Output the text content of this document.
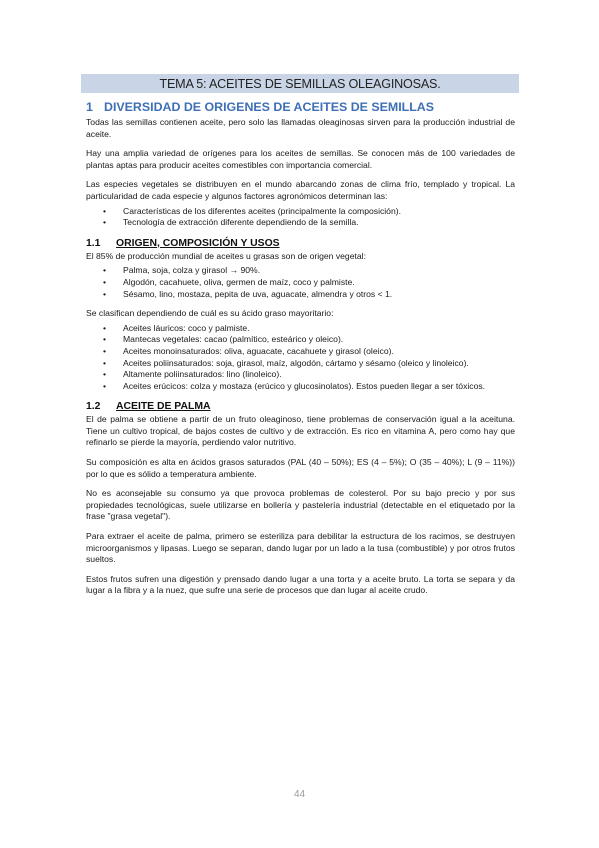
TEMA 5: ACEITES DE SEMILLAS OLEAGINOSAS.
1 DIVERSIDAD DE ORIGENES DE ACEITES DE SEMILLAS

Todas las semillas contienen aceite, pero solo las llamadas oleaginosas sirven para la producción industrial de aceite.

Hay una amplia variedad de orígenes para los aceites de semillas. Se conocen más de 100 variedades de plantas aptas para producir aceites comestibles con importancia comercial.

Las especies vegetales se distribuyen en el mundo abarcando zonas de clima frío, templado y tropical. La particularidad de cada especie y algunos factores agronómicos determinan las:

• Características de los diferentes aceites (principalmente la composición).
• Tecnología de extracción diferente dependiendo de la semilla.
1.1	ORIGEN, COMPOSICIÓN Y USOS

El 85% de producción mundial de aceites u grasas son de origen vegetal:

• Palma, soja, colza y girasol → 90%.
• Algodón, cacahuete, oliva, germen de maíz, coco y palmiste.
• Sésamo, lino, mostaza, pepita de uva, aguacate, almendra y otros < 1.

Se clasifican dependiendo de cuál es su ácido graso mayoritario:

• Aceites láuricos: coco y palmiste.
• Mantecas vegetales: cacao (palmítico, esteárico y oleico).
• Aceites monoinsaturados: oliva, aguacate, cacahuete y girasol (oleico).
• Aceites poliinsaturados: soja, girasol, maíz, algodón, cártamo y sésamo (oleico y linoleico).
• Altamente poliinsaturados: lino (linoleico).
• Aceites erúcicos: colza y mostaza (erúcico y glucosinolatos). Estos pueden llegar a ser tóxicos.
1.2	ACEITE DE PALMA

El de palma se obtiene a partir de un fruto oleaginoso, tiene problemas de conservación igual a la aceituna. Tiene un cultivo tropical, de bajos costes de cultivo y de extracción. Es rico en vitamina A, pero como hay que refinarlo se pierde la mayoría, perdiendo valor nutritivo.

Su composición es alta en ácidos grasos saturados (PAL (40 – 50%); ES (4 – 5%); O (35 – 40%); L (9 – 11%)) por lo que es sólido a temperatura ambiente.

No es aconsejable su consumo ya que provoca problemas de colesterol. Por su bajo precio y por sus propiedades tecnológicas, suele utilizarse en bollería y pastelería industrial (detectable en el etiquetado por la frase "grasa vegetal").

Para extraer el aceite de palma, primero se esteriliza para debilitar la estructura de los racimos, se destruyen microorganismos y lipasas. Luego se separan, dando lugar por un lado a la tusa (combustible) y por otros frutos sueltos.

Estos frutos sufren una digestión y prensado dando lugar a una torta y a aceite bruto. La torta se separa y da lugar a la fibra y a la nuez, que sufre una serie de procesos que dan lugar al aceite crudo.

44
